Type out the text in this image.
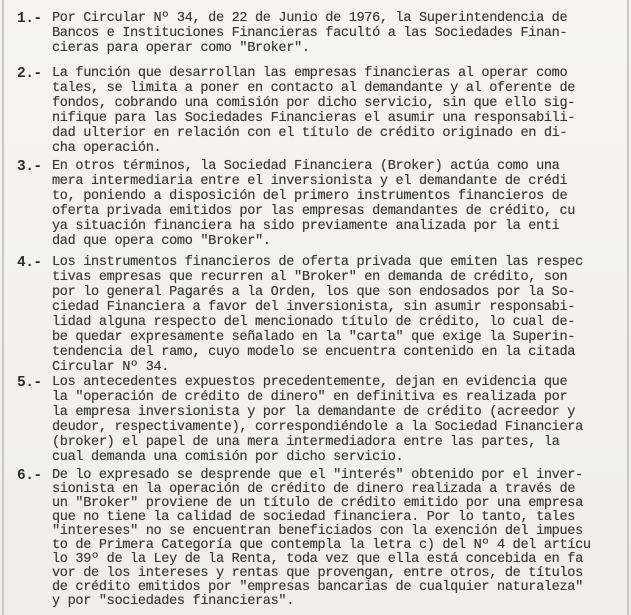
1.- Por Circular Nº 34, de 22 de Junio de 1976, la Superintendencia de
Bancos e Instituciones Financieras facultó a las Sociedades Finan-
cieras para operar como "Broker".
2.- La función que desarrollan las empresas financieras al operar como
tales, se limita a poner en contacto al demandante y al oferente de
fondos, cobrando una comisión por dicho servicio, sin que ello sig-
nifique para las Sociedades Financieras el asumir una responsabili-
dad ulterior en relación con el título de crédito originado en di-
cha operación.
3.- En otros términos, la Sociedad Financiera (Broker) actúa como una
mera intermediaria entre el inversionista y el demandante de crédi
to, poniendo a disposición del primero instrumentos financieros de
oferta privada emitidos por las empresas demandantes de crédito, cu
ya situación financiera ha sido previamente analizada por la enti
dad que opera como "Broker".
4.- Los instrumentos financieros de oferta privada que emiten las respec
tivas empresas que recurren al "Broker" en demanda de crédito, son
por lo general Pagarés a la Orden, los que son endosados por la So-
ciedad Financiera a favor del inversionista, sin asumir responsabi-
lidad alguna respecto del mencionado título de crédito, lo cual de-
be quedar expresamente señalado en la "carta" que exige la Superin-
tendencia del ramo, cuyo modelo se encuentra contenido en la citada
Circular Nº 34.
5.- Los antecedentes expuestos precedentemente, dejan en evidencia que
la "operación de crédito de dinero" en definitiva es realizada por
la empresa inversionista y por la demandante de crédito (acreedor y
deudor, respectivamente), correspondiéndole a la Sociedad Financiera
(broker) el papel de una mera intermediadora entre las partes, la
cual demanda una comisión por dicho servicio.
6.- De lo expresado se desprende que el "interés" obtenido por el inver-
sionista en la operación de crédito de dinero realizada a través de
un "Broker" proviene de un título de crédito emitido por una empresa
que no tiene la calidad de sociedad financiera. Por lo tanto, tales
"intereses" no se encuentran beneficiados con la exención del impues
to de Primera Categoría que contempla la letra c) del Nº 4 del artícu
lo 39º de la Ley de la Renta, toda vez que ella está concebida en fa
vor de los intereses y rentas que provengan, entre otros, de títulos
de crédito emitidos por "empresas bancarias de cualquier naturaleza"
y por "sociedades financieras".
